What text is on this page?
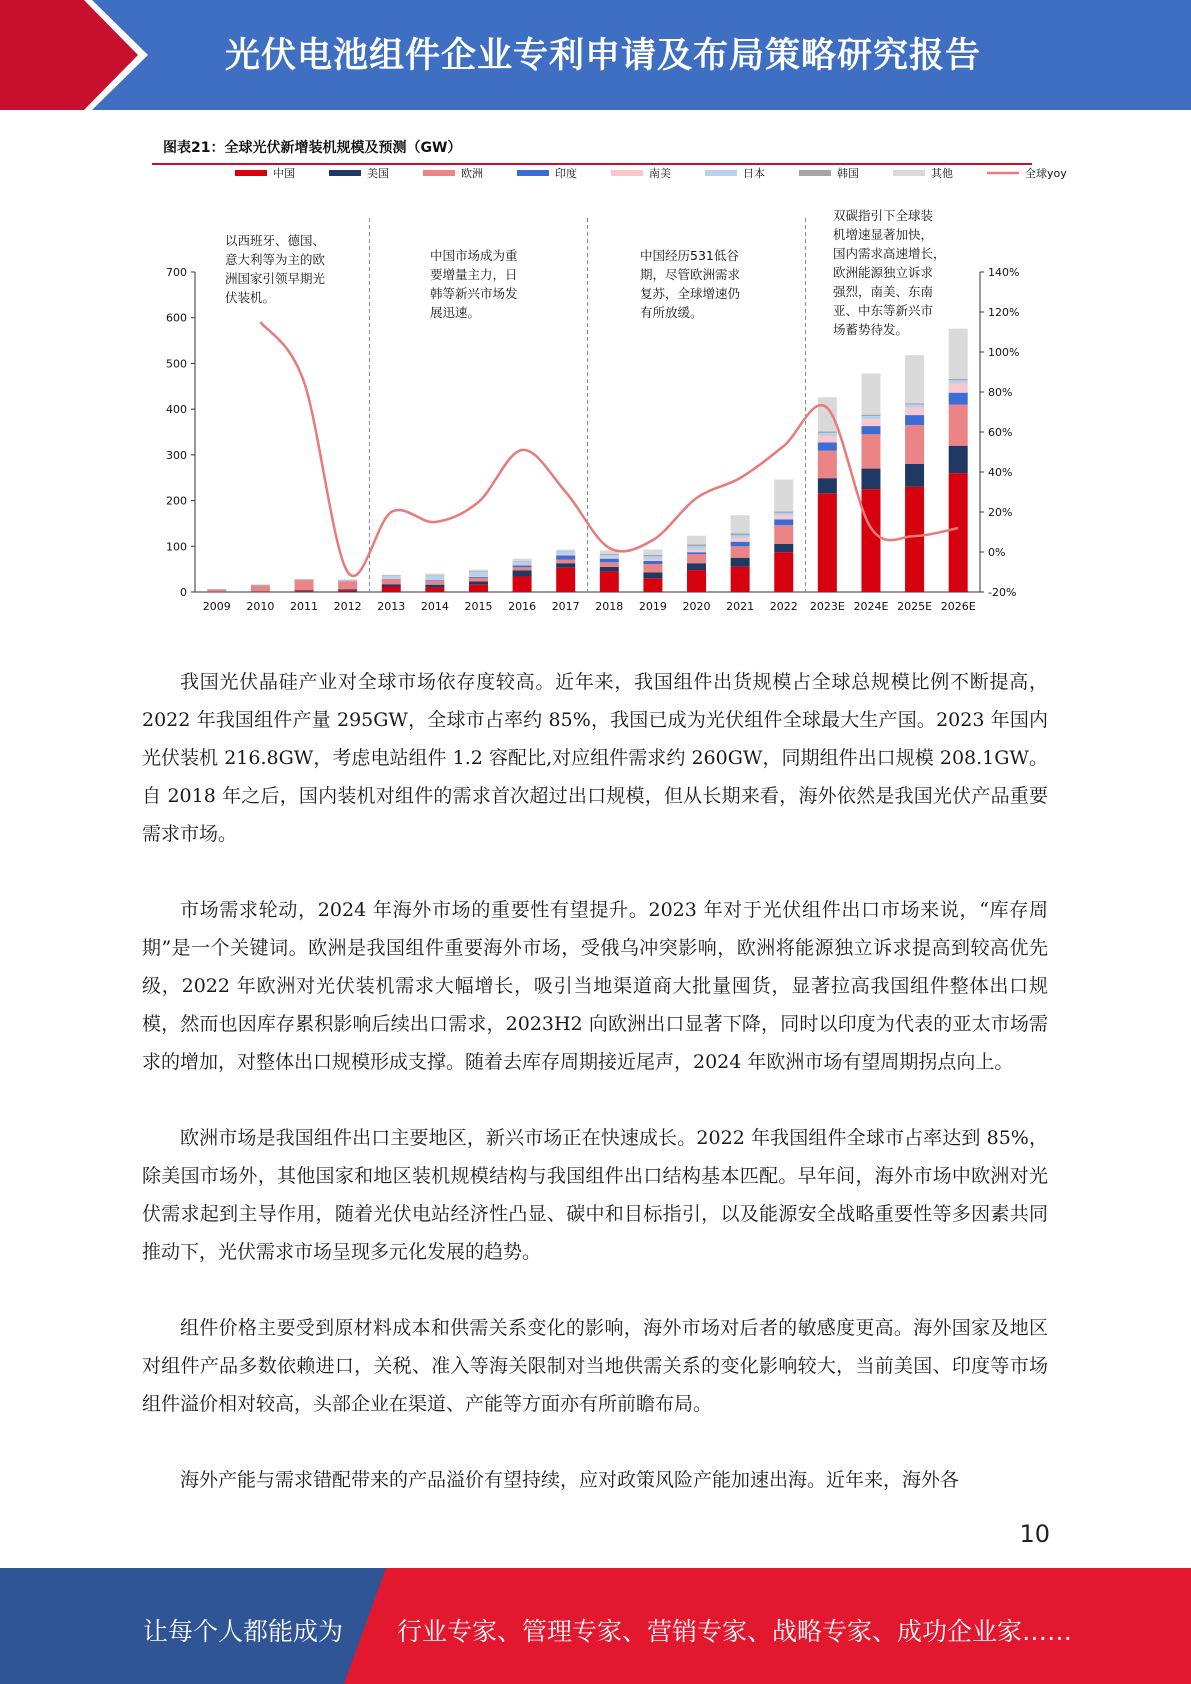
光伏电池组件企业专利申请及布局策略研究报告
图表21：全球光伏新增装机规模及预测（GW）
0
100
200
300
400
500
600
700
-20%
0%
20%
40%
60%
80%
100%
120%
140%
2009 2010 2011 2012 2013 2014 2015 2016 2017 2018 2019 2020 2021 2022 2023E 2024E 2025E 2026E
中国	美国	欧洲	印度	南美	日本	韩国	其他	全球yoy
以西班牙、德国、
意大利等为主的欧
洲国家引领早期光
伏装机。
中国市场成为重
要增量主力，日
韩等新兴市场发
展迅速。
中国经历531低谷
期，尽管欧洲需求
复苏，全球增速仍
有所放缓。
双碳指引下全球装
机增速显著加快，
国内需求高速增长，
欧洲能源独立诉求
强烈，南美、东南
亚、中东等新兴市
场蓄势待发。

我国光伏晶硅产业对全球市场依存度较高。近年来，我国组件出货规模占全球总规模比例不断提高，2022 年我国组件产量 295GW，全球市占率约 85%，我国已成为光伏组件全球最大生产国。2023 年国内光伏装机 216.8GW，考虑电站组件 1.2 容配比,对应组件需求约 260GW，同期组件出口规模 208.1GW。自 2018 年之后，国内装机对组件的需求首次超过出口规模，但从长期来看，海外依然是我国光伏产品重要需求市场。

市场需求轮动，2024 年海外市场的重要性有望提升。2023 年对于光伏组件出口市场来说，“库存周期”是一个关键词。欧洲是我国组件重要海外市场，受俄乌冲突影响，欧洲将能源独立诉求提高到较高优先级，2022 年欧洲对光伏装机需求大幅增长，吸引当地渠道商大批量囤货，显著拉高我国组件整体出口规模，然而也因库存累积影响后续出口需求，2023H2 向欧洲出口显著下降，同时以印度为代表的亚太市场需求的增加，对整体出口规模形成支撑。随着去库存周期接近尾声，2024 年欧洲市场有望周期拐点向上。

欧洲市场是我国组件出口主要地区，新兴市场正在快速成长。2022 年我国组件全球市占率达到 85%，除美国市场外，其他国家和地区装机规模结构与我国组件出口结构基本匹配。早年间，海外市场中欧洲对光伏需求起到主导作用，随着光伏电站经济性凸显、碳中和目标指引，以及能源安全战略重要性等多因素共同推动下，光伏需求市场呈现多元化发展的趋势。

组件价格主要受到原材料成本和供需关系变化的影响，海外市场对后者的敏感度更高。海外国家及地区对组件产品多数依赖进口，关税、准入等海关限制对当地供需关系的变化影响较大，当前美国、印度等市场组件溢价相对较高，头部企业在渠道、产能等方面亦有所前瞻布局。

海外产能与需求错配带来的产品溢价有望持续，应对政策风险产能加速出海。近年来，海外各

10
让每个人都能成为 行业专家、管理专家、营销专家、战略专家、成功企业家……
